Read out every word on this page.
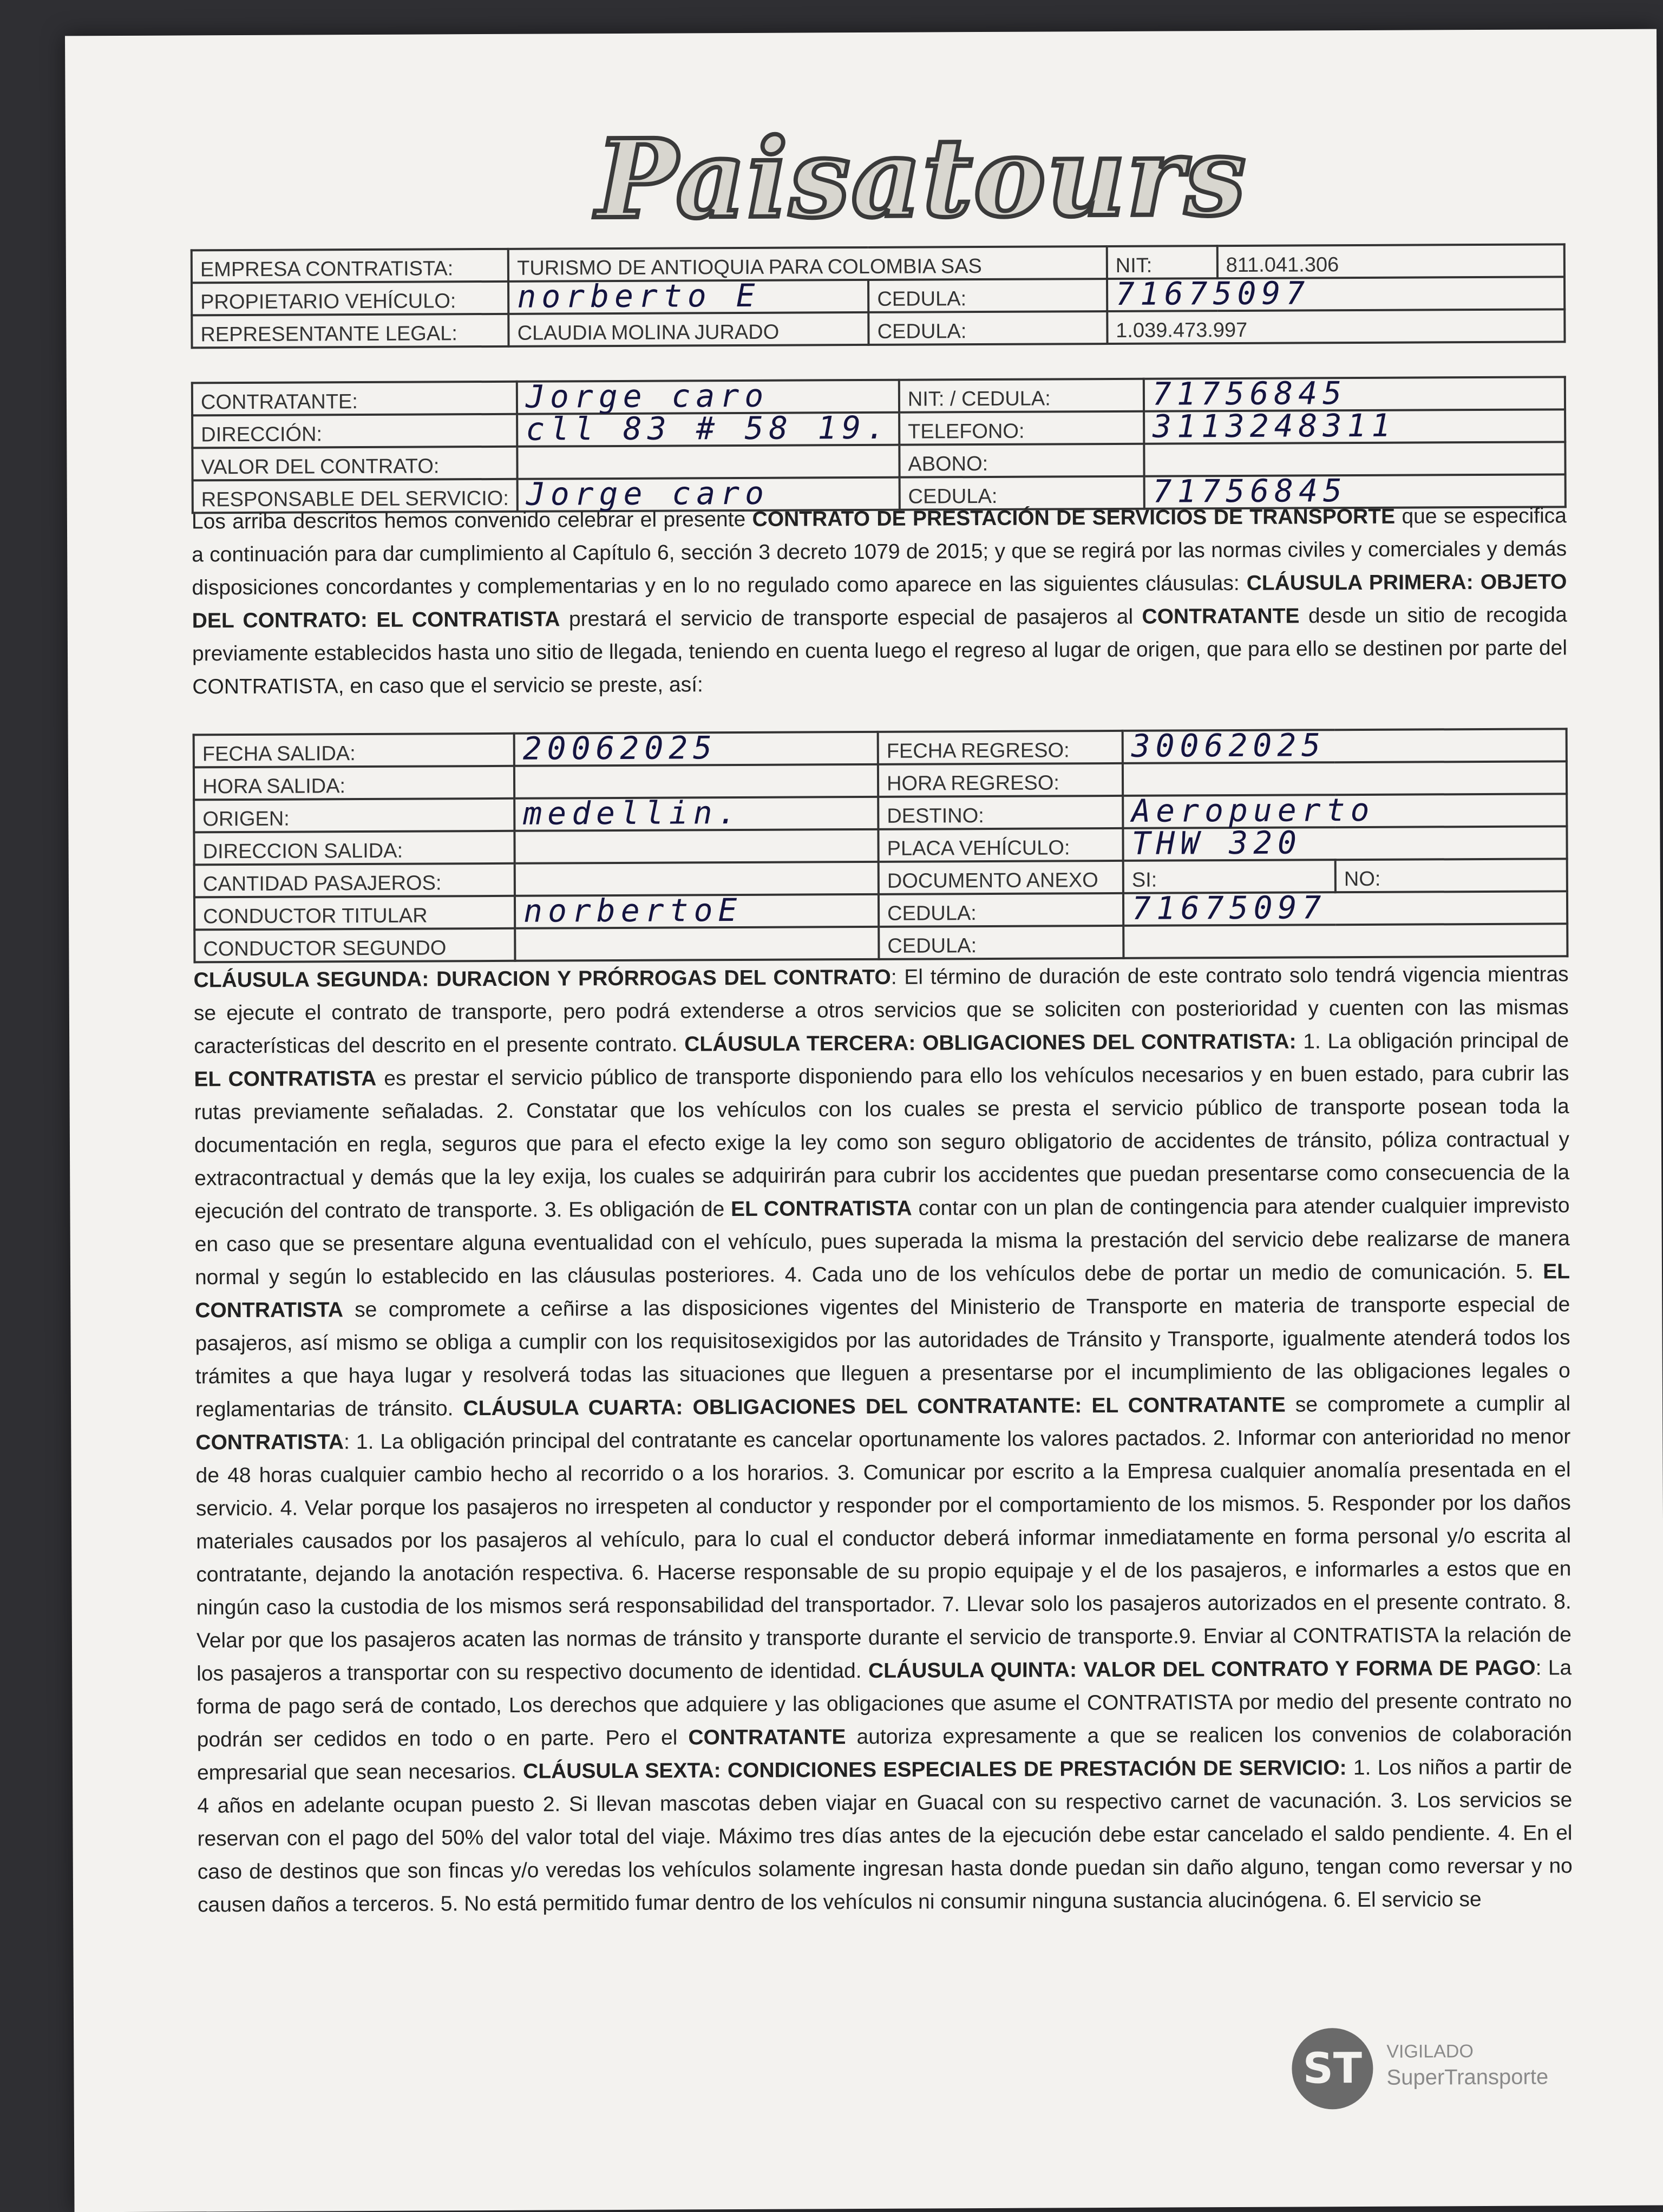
Paisatours
EMPRESA CONTRATISTA:	TURISMO DE ANTIOQUIA PARA COLOMBIA SAS		NIT:	811.041.306
PROPIETARIO VEHÍCULO:	norberto E	CEDULA:	71675097	
REPRESENTANTE LEGAL:	CLAUDIA MOLINA JURADO	CEDULA:	1.039.473.997	
CONTRATANTE:	Jorge caro	NIT: / CEDULA:	71756845
DIRECCIÓN:	cll 83 # 58 19.	TELEFONO:	3113248311
VALOR DEL CONTRATO:		ABONO:	
RESPONSABLE DEL SERVICIO:	Jorge caro	CEDULA:	71756845
Los arriba descritos hemos convenido celebrar el presente CONTRATO DE PRESTACIÓN DE SERVICIOS DE TRANSPORTE que se especifica a continuación para dar cumplimiento al Capítulo 6, sección 3 decreto 1079 de 2015; y que se regirá por las normas civiles y comerciales y demás disposiciones concordantes y complementarias y en lo no regulado como aparece en las siguientes cláusulas: CLÁUSULA PRIMERA: OBJETO DEL CONTRATO: EL CONTRATISTA prestará el servicio de transporte especial de pasajeros al CONTRATANTE desde un sitio de recogida previamente establecidos hasta uno sitio de llegada, teniendo en cuenta luego el regreso al lugar de origen, que para ello se destinen por parte del CONTRATISTA, en caso que el servicio se preste, así:
FECHA SALIDA:	20062025	FECHA REGRESO:	30062025	
HORA SALIDA:		HORA REGRESO:		
ORIGEN:	medellin.	DESTINO:	Aeropuerto	
DIRECCION SALIDA:		PLACA VEHÍCULO:	THW 320	
CANTIDAD PASAJEROS:		DOCUMENTO ANEXO	SI:	NO:
CONDUCTOR TITULAR	norbertoE	CEDULA:	71675097	
CONDUCTOR SEGUNDO		CEDULA:		
CLÁUSULA SEGUNDA: DURACION Y PRÓRROGAS DEL CONTRATO: El término de duración de este contrato solo tendrá vigencia mientras se ejecute el contrato de transporte, pero podrá extenderse a otros servicios que se soliciten con posterioridad y cuenten con las mismas características del descrito en el presente contrato. CLÁUSULA TERCERA: OBLIGACIONES DEL CONTRATISTA: 1. La obligación principal de EL CONTRATISTA es prestar el servicio público de transporte disponiendo para ello los vehículos necesarios y en buen estado, para cubrir las rutas previamente señaladas. 2. Constatar que los vehículos con los cuales se presta el servicio público de transporte posean toda la documentación en regla, seguros que para el efecto exige la ley como son seguro obligatorio de accidentes de tránsito, póliza contractual y extracontractual y demás que la ley exija, los cuales se adquirirán para cubrir los accidentes que puedan presentarse como consecuencia de la ejecución del contrato de transporte. 3. Es obligación de EL CONTRATISTA contar con un plan de contingencia para atender cualquier imprevisto en caso que se presentare alguna eventualidad con el vehículo, pues superada la misma la prestación del servicio debe realizarse de manera normal y según lo establecido en las cláusulas posteriores. 4. Cada uno de los vehículos debe de portar un medio de comunicación. 5. EL CONTRATISTA se compromete a ceñirse a las disposiciones vigentes del Ministerio de Transporte en materia de transporte especial de pasajeros, así mismo se obliga a cumplir con los requisitosexigidos por las autoridades de Tránsito y Transporte, igualmente atenderá todos los trámites a que haya lugar y resolverá todas las situaciones que lleguen a presentarse por el incumplimiento de las obligaciones legales o reglamentarias de tránsito. CLÁUSULA CUARTA: OBLIGACIONES DEL CONTRATANTE: EL CONTRATANTE se compromete a cumplir al CONTRATISTA: 1. La obligación principal del contratante es cancelar oportunamente los valores pactados. 2. Informar con anterioridad no menor de 48 horas cualquier cambio hecho al recorrido o a los horarios. 3. Comunicar por escrito a la Empresa cualquier anomalía presentada en el servicio. 4. Velar porque los pasajeros no irrespeten al conductor y responder por el comportamiento de los mismos. 5. Responder por los daños materiales causados por los pasajeros al vehículo, para lo cual el conductor deberá informar inmediatamente en forma personal y/o escrita al contratante, dejando la anotación respectiva. 6. Hacerse responsable de su propio equipaje y el de los pasajeros, e informarles a estos que en ningún caso la custodia de los mismos será responsabilidad del transportador. 7. Llevar solo los pasajeros autorizados en el presente contrato. 8. Velar por que los pasajeros acaten las normas de tránsito y transporte durante el servicio de transporte.9. Enviar al CONTRATISTA la relación de los pasajeros a transportar con su respectivo documento de identidad. CLÁUSULA QUINTA: VALOR DEL CONTRATO Y FORMA DE PAGO: La forma de pago será de contado, Los derechos que adquiere y las obligaciones que asume el CONTRATISTA por medio del presente contrato no podrán ser cedidos en todo o en parte. Pero el CONTRATANTE autoriza expresamente a que se realicen los convenios de colaboración empresarial que sean necesarios. CLÁUSULA SEXTA: CONDICIONES ESPECIALES DE PRESTACIÓN DE SERVICIO: 1. Los niños a partir de 4 años en adelante ocupan puesto 2. Si llevan mascotas deben viajar en Guacal con su respectivo carnet de vacunación. 3. Los servicios se reservan con el pago del 50% del valor total del viaje. Máximo tres días antes de la ejecución debe estar cancelado el saldo pendiente. 4. En el caso de destinos que son fincas y/o veredas los vehículos solamente ingresan hasta donde puedan sin daño alguno, tengan como reversar y no causen daños a terceros. 5. No está permitido fumar dentro de los vehículos ni consumir ninguna sustancia alucinógena. 6. El servicio se
ST	VIGILADO
SuperTransporte
